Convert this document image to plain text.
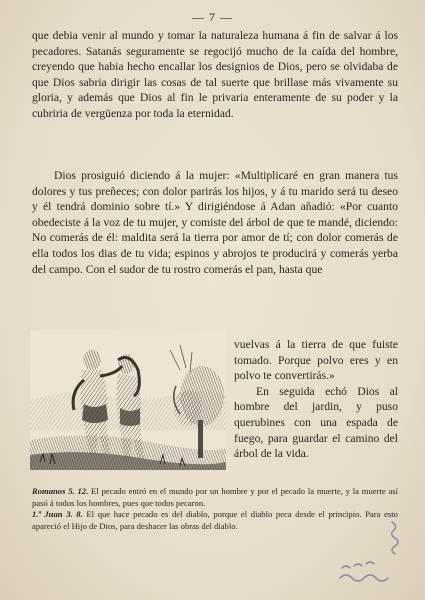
— 7 —

que debia venir al mundo y tomar la naturaleza humana á fin de salvar á los pecadores. Satanás seguramente se regocijó mucho de la caída del hombre, creyendo que habia hecho encallar los designios de Dios, pero se olvidaba de que Dios sabria dirigir las cosas de tal suerte que brillase más vivamente su gloria, y además que Dios al fin le privaria enteramente de su poder y la cubriria de vergüenza por toda la eternidad.

Dios prosiguió diciendo á la mujer: «Multiplicaré en gran manera tus dolores y tus preñeces; con dolor parirás los hijos, y á tu marido será tu deseo y él tendrá dominio sobre tí.» Y dirigiéndose á Adan añadió: «Por cuanto obedeciste á la voz de tu mujer, y comiste del árbol de que te mandé, diciendo: No comerás de él: maldita será la tierra por amor de tí; con dolor comerás de ella todos los dias de tu vida; espinos y abrojos te producirá y comerás yerba del campo. Con el sudor de tu rostro comerás el pan, hasta que

vuelvas á la tierra de que fuiste tomado. Porque polvo eres y en polvo te convertirás.»

En seguida echó Dios al hombre del jardin, y puso querubines con una espada de fuego, para guardar el camino del árbol de la vida.

Romanos 5. 12. El pecado entró en el mundo por un hombre y por el pecado la muerte, y la muerte así pasó á todos los hombres, pues que todos pecaron.
1.ª Juan 3. 8. El que hace pecado es del diablo, porque el diablo peca desde el principio. Para esto apareció el Hijo de Dios, para deshacer las obras del diablo.
